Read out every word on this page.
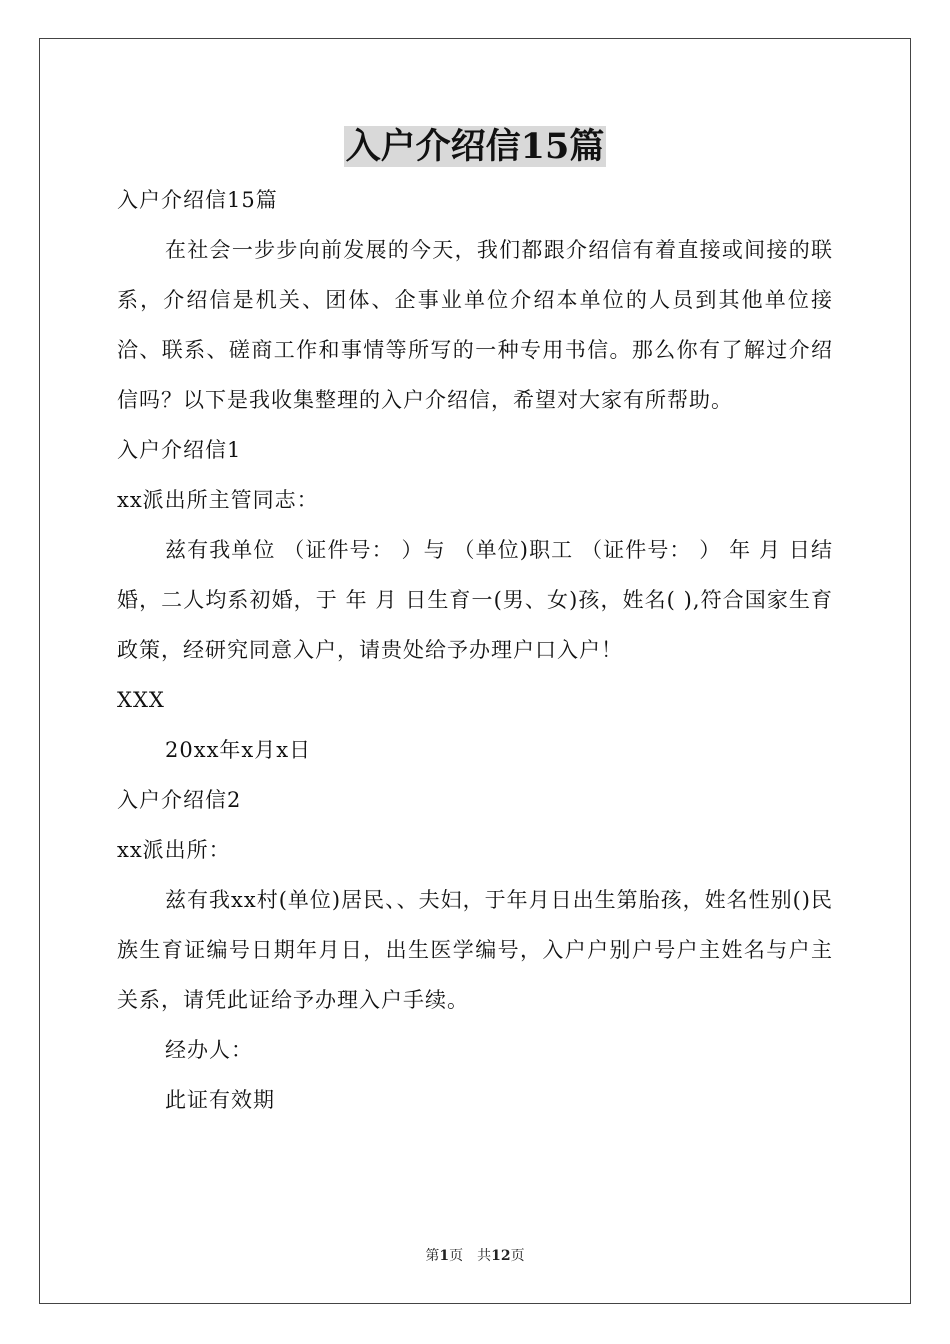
入户介绍信15篇

入户介绍信15篇

在社会一步步向前发展的今天，我们都跟介绍信有着直接或间接的联系，介绍信是机关、团体、企事业单位介绍本单位的人员到其他单位接洽、联系、磋商工作和事情等所写的一种专用书信。那么你有了解过介绍信吗？以下是我收集整理的入户介绍信，希望对大家有所帮助。

入户介绍信1

xx派出所主管同志：

兹有我单位 （证件号： ）与 （单位)职工 （证件号： ） 年 月 日结婚，二人均系初婚，于 年 月 日生育一(男、女)孩，姓名( ),符合国家生育政策，经研究同意入户，请贵处给予办理户口入户！

XXX

20xx年x月x日

入户介绍信2

xx派出所：

兹有我xx村(单位)居民、、夫妇，于年月日出生第胎孩，姓名性别()民族生育证编号日期年月日，出生医学编号，入户户别户号户主姓名与户主关系，请凭此证给予办理入户手续。

经办人：

此证有效期

第1页 共12页
